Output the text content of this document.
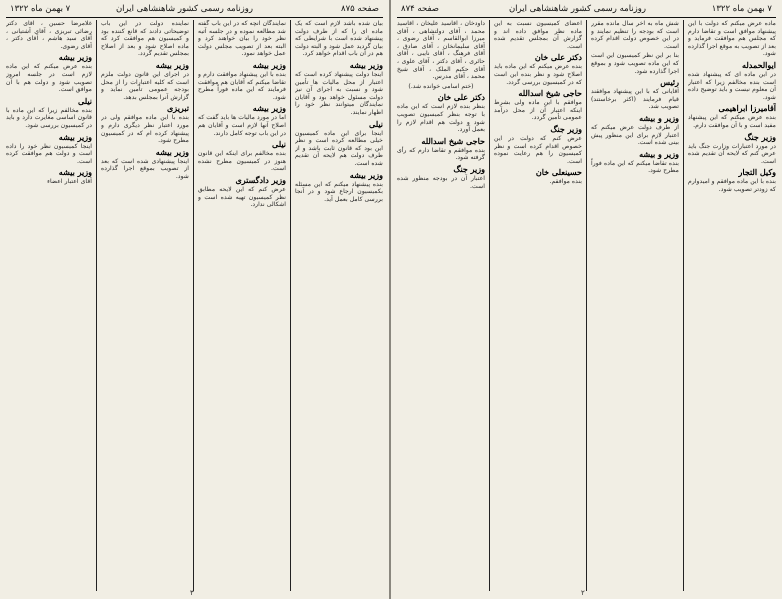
صفحه ۸۷۵
روزنامه رسمی کشور شاهنشاهی ایران
۷ بهمن ماه ۱۳۲۲
بیان شده باشد لازم است که یک ماده ای را که از طرف دولت پیشنهاد شده است با شرایطی که بیان گردید عمل شود و البته دولت هم در آن باب اقدام خواهد کرد.
وزیر بیشه
اینجا دولت پیشنهاد کرده است که اعتبار از محل مالیات ها تأمین شود و نسبت به اجرای آن نیز دولت مسئول خواهد بود و آقایان نمایندگان میتوانند نظر خود را اظهار نمایند.
نیلی
اینجا برای این ماده کمیسیون خیلی مطالعه کرده است و نظر این بود که قانون ثابت باشد و از طرف دولت هم لایحه آن تقدیم شده است.
وزیر بیشه
بنده پیشنهاد میکنم که این مسئله بکمیسیون ارجاع شود و در آنجا بررسی کامل بعمل آید.
نمایندگان آنچه که در این باب گفته شد مطالعه نموده و در جلسه آتیه نظر خود را بیان خواهند کرد و البته بعد از تصویب مجلس دولت عمل خواهد نمود.
وزیر بیشه
بنده با این پیشنهاد موافقت دارم و تقاضا میکنم که آقایان هم موافقت فرمایند که این ماده فوراً مطرح شود.
وزیر بیشه
اما در مورد مالیات ها باید گفت که اصلاح آنها لازم است و آقایان هم در این باب توجه کامل دارند.
نیلی
بنده مخالفم برای اینکه این قانون هنوز در کمیسیون مطرح نشده است.
وزیر دادگستری
عرض کنم که این لایحه مطابق نظر کمیسیون تهیه شده است و اشکالی ندارد.
نماینده دولت در این باب توضیحاتی دادند که قانع کننده بود و کمیسیون هم موافقت کرد که ماده اصلاح شود و بعد از اصلاح بمجلس تقدیم گردد.
وزیر بیشه
در اجرای این قانون دولت ملزم است که کلیه اعتبارات را از محل بودجه عمومی تأمین نماید و گزارش آنرا بمجلس بدهد.
تبریزی
بنده با این ماده موافقم ولی در مورد اعتبار نظر دیگری دارم و پیشنهاد کرده ام که در کمیسیون مطرح شود.
وزیر بیشه
اینجا پیشنهادی شده است که بعد از تصویب بموقع اجرا گذارده شود.
غلامرضا حسین ، آقای دکتر رضائی تبریزی ، آقای آشتیانی ، آقای سید هاشم ، آقای دکتر ، آقای رضوی.
وزیر بیشه
بنده عرض میکنم که این ماده لازم است در جلسه امروز تصویب شود و دولت هم با آن موافق است.
نیلی
بنده مخالفم زیرا که این ماده با قانون اساسی مغایرت دارد و باید در کمیسیون بررسی شود.
وزیر بیشه
اینجا کمیسیون نظر خود را داده است و دولت هم موافقت کرده است.
وزیر بیشه
آقای اعتبار اعضاء
۳
صفحه ۸۷۴	روزنامه رسمی کشور شاهنشاهی ایران	۷ بهمن ماه ۱۳۲۲
ماده عرض میکنم که دولت با این پیشنهاد موافق است و تقاضا دارم که مجلس هم موافقت فرماید و بعد از تصویب به موقع اجرا گذارده شود.
ایوالحمدله
در این ماده ای که پیشنهاد شده است بنده مخالفم زیرا که اعتبار آن معلوم نیست و باید توضیح داده شود.
آقامیرزا ابراهیمی
بنده عرض میکنم که این پیشنهاد مفید است و با آن موافقت دارم.
وزیر جنگ
در مورد اعتبارات وزارت جنگ باید عرض کنم که لایحه آن تقدیم شده است.
وکیل التجار
بنده با این ماده موافقم و امیدوارم که زودتر تصویب شود.
شش ماه به آخر سال مانده مقرر است که بودجه را تنظیم نمایند و در این خصوص دولت اقدام کرده است.
بنا بر این نظر کمیسیون این است که این ماده تصویب شود و بموقع اجرا گذارده شود.
رئیس
آقایانی که با این پیشنهاد موافقند قیام فرمایند (اکثر برخاستند) تصویب شد.
وزیر و بیشه
از طرف دولت عرض میکنم که اعتبار لازم برای این منظور پیش بینی شده است.
وزیر و بیشه
بنده تقاضا میکنم که این ماده فوراً مطرح شود.
اعضای کمیسیون نسبت به این ماده نظر موافق داده اند و گزارش آن بمجلس تقدیم شده است.
دکتر علی خان
بنده عرض میکنم که این ماده باید اصلاح شود و نظر بنده این است که در کمیسیون بررسی گردد.
حاجی شیخ اسدالله
موافقم با این ماده ولی بشرط اینکه اعتبار آن از محل درآمد عمومی تأمین گردد.
وزیر جنگ
عرض کنم که دولت در این خصوص اقدام کرده است و نظر کمیسیون را هم رعایت نموده است.
حسینعلی خان
بنده موافقم.
داودخان ، آقاسید علیخان ، آقاسید محمد ، آقای دولتشاهی ، آقای میرزا ابوالقاسم ، آقای رضوی ، آقای سلیمانخان ، آقای صادق ، آقای فرهنگ ، آقای نایبی ، آقای حائری ، آقای دکتر ، آقای علوی ، آقای حکیم الملک ، آقای شیخ محمد ، آقای مدرس.
(ختم اسامی خوانده شد.)
دکتر علی خان
بنظر بنده لازم است که این ماده با توجه بنظر کمیسیون تصویب شود و دولت هم اقدام لازم را بعمل آورد.
حاجی شیخ اسدالله
بنده موافقم و تقاضا دارم که رأی گرفته شود.
وزیر جنگ
اعتبار آن در بودجه منظور شده است.
۲
